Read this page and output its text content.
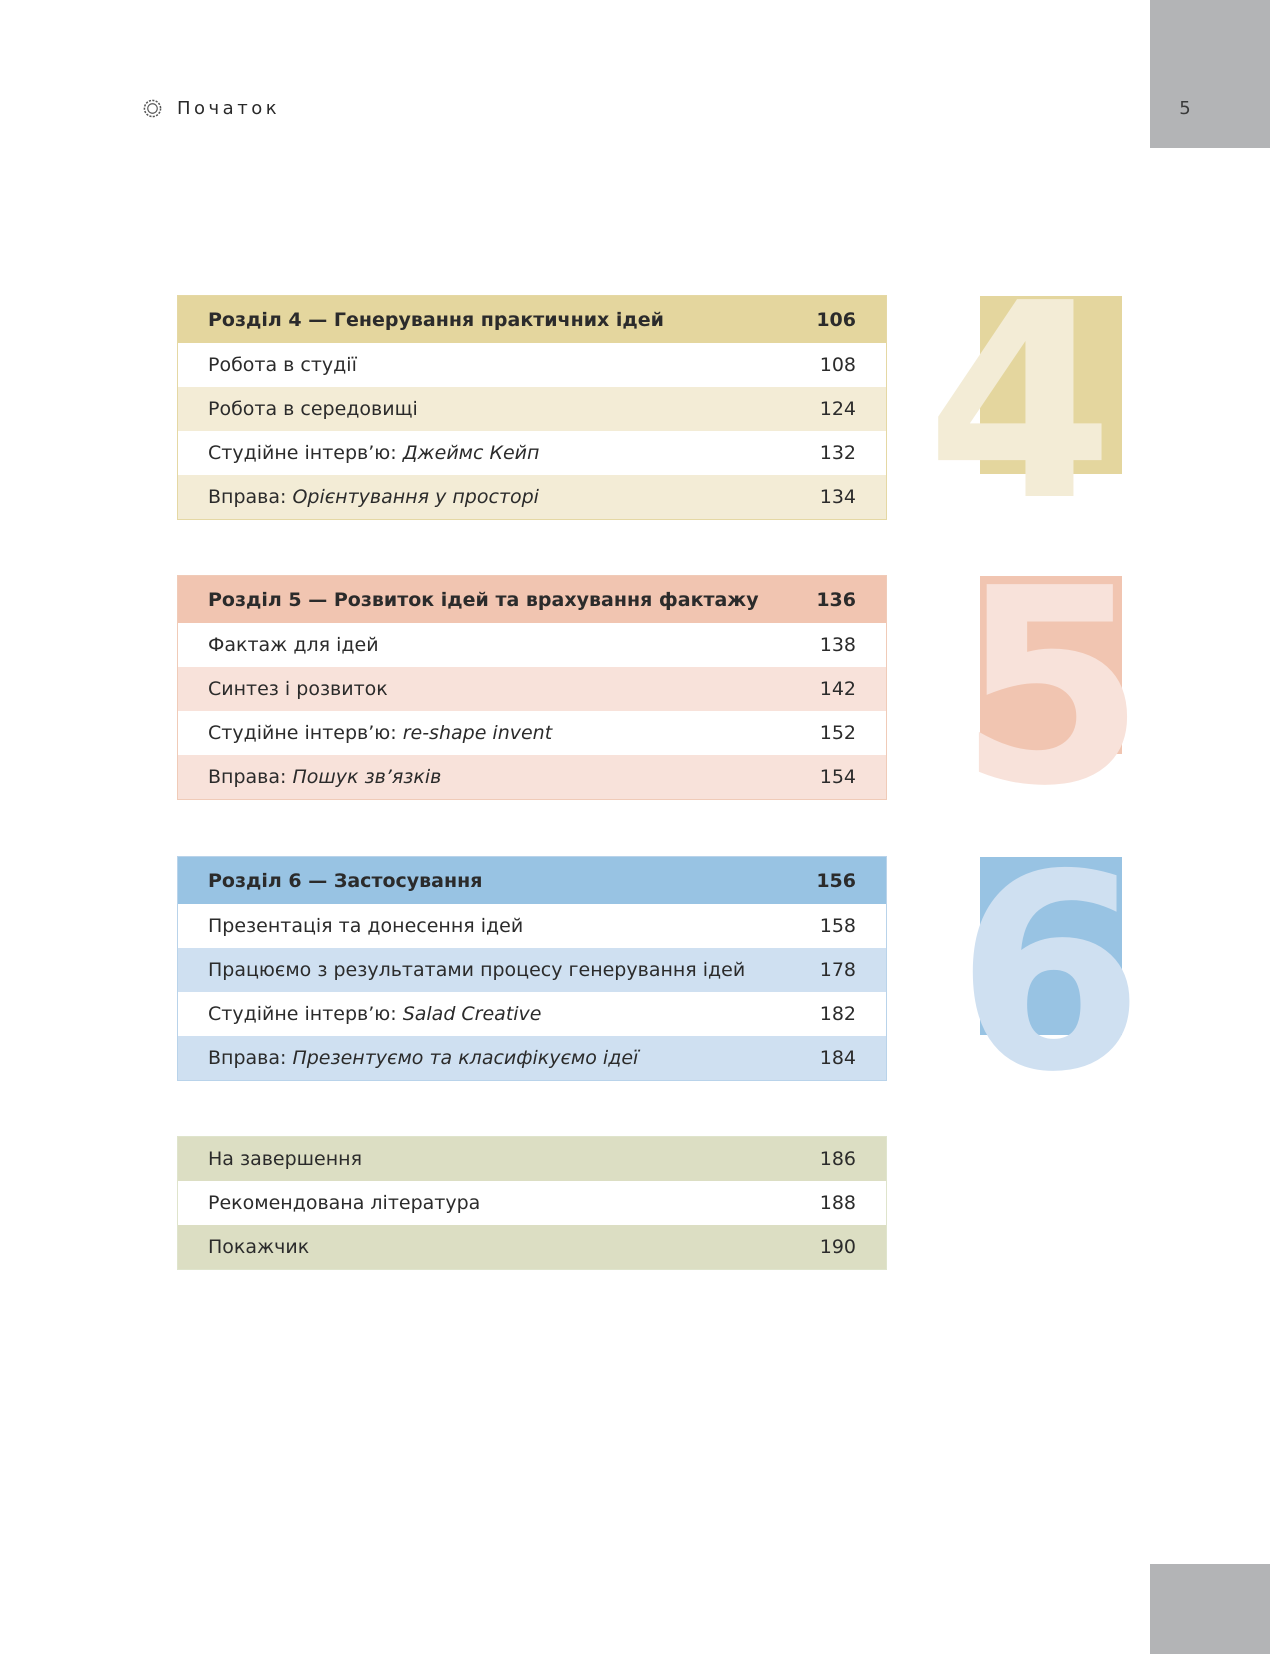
5
Початок
Розділ 4 — Генерування практичних ідей	106
Робота в студії	108
Робота в середовищі	124
Студійне інтерв’ю: Джеймс Кейп	132
Вправа: Орієнтування у просторі	134 4
Розділ 5 — Розвиток ідей та врахування фактажу	136
Фактаж для ідей	138
Синтез і розвиток	142
Студійне інтерв’ю: re-shape invent	152
Вправа: Пошук зв’язків	154 5
Розділ 6 — Застосування	156
Презентація та донесення ідей	158
Працюємо з результатами процесу генерування ідей	178
Студійне інтерв’ю: Salad Creative	182
Вправа: Презентуємо та класифікуємо ідеї	184 6
На завершення	186
Рекомендована література	188
Покажчик	190
